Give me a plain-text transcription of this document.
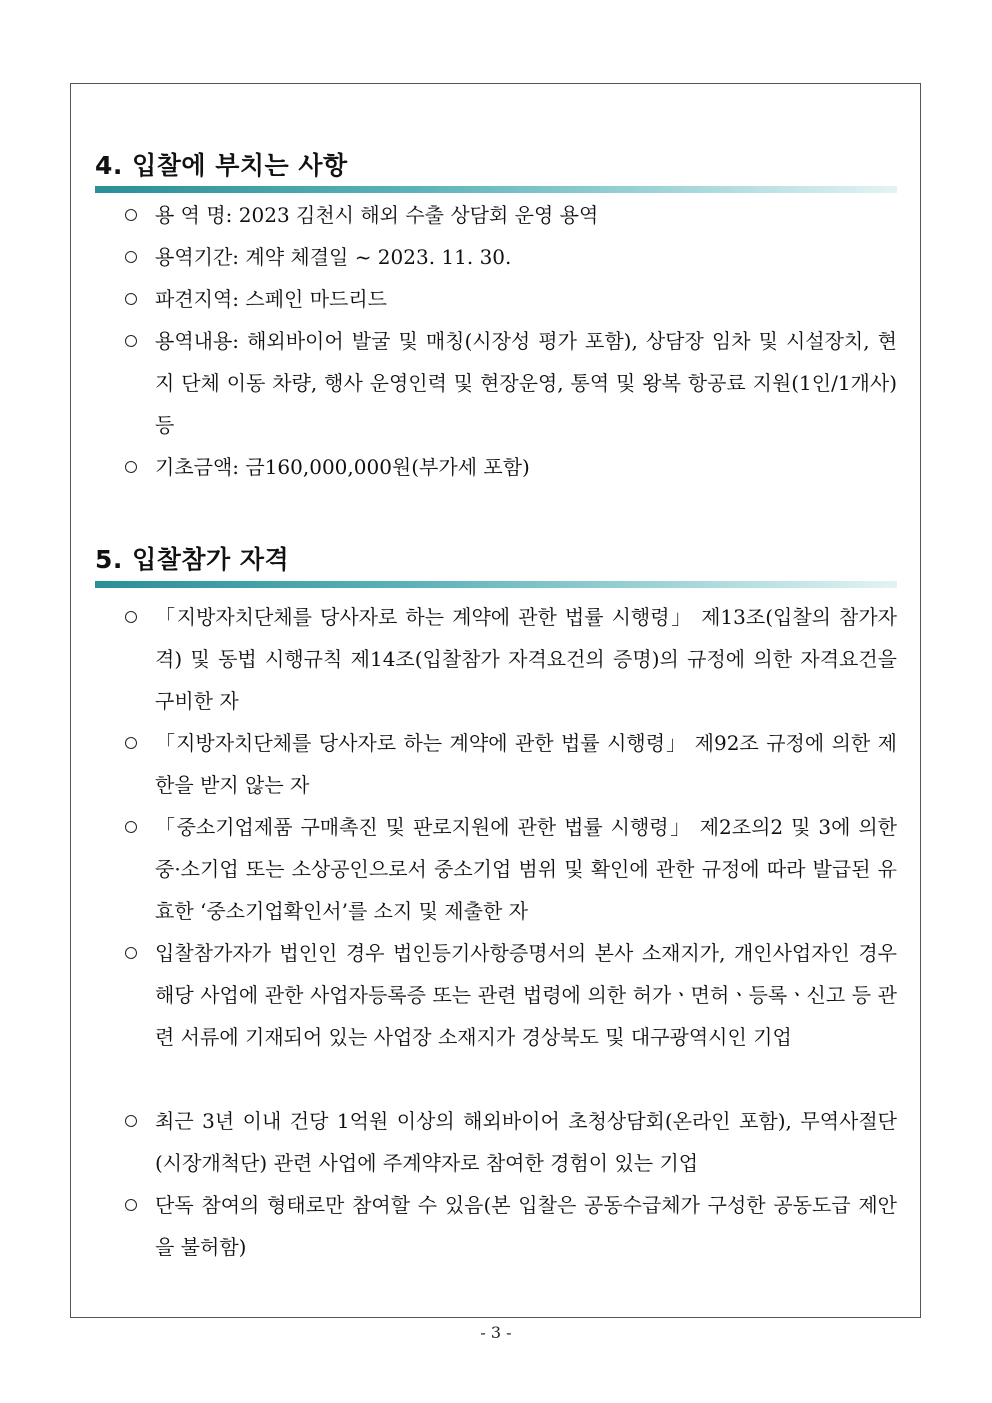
4. 입찰에 부치는 사항
용 역 명: 2023 김천시 해외 수출 상담회 운영 용역
용역기간: 계약 체결일 ~ 2023. 11. 30.
파견지역: 스페인 마드리드
용역내용: 해외바이어 발굴 및 매칭(시장성 평가 포함), 상담장 임차 및 시설장치, 현지 단체 이동 차량, 행사 운영인력 및 현장운영, 통역 및 왕복 항공료 지원(1인/1개사) 등
기초금액: 금160,000,000원(부가세 포함)
5. 입찰참가 자격
「지방자치단체를 당사자로 하는 계약에 관한 법률 시행령」 제13조(입찰의 참가자격) 및 동법 시행규칙 제14조(입찰참가 자격요건의 증명)의 규정에 의한 자격요건을 구비한 자
「지방자치단체를 당사자로 하는 계약에 관한 법률 시행령」 제92조 규정에 의한 제한을 받지 않는 자
「중소기업제품 구매촉진 및 판로지원에 관한 법률 시행령」 제2조의2 및 3에 의한 중·소기업 또는 소상공인으로서 중소기업 범위 및 확인에 관한 규정에 따라 발급된 유효한 ‘중소기업확인서’를 소지 및 제출한 자
입찰참가자가 법인인 경우 법인등기사항증명서의 본사 소재지가, 개인사업자인 경우 해당 사업에 관한 사업자등록증 또는 관련 법령에 의한 허가ㆍ면허ㆍ등록ㆍ신고 등 관련 서류에 기재되어 있는 사업장 소재지가 경상북도 및 대구광역시인 기업
최근 3년 이내 건당 1억원 이상의 해외바이어 초청상담회(온라인 포함), 무역사절단(시장개척단) 관련 사업에 주계약자로 참여한 경험이 있는 기업
단독 참여의 형태로만 참여할 수 있음(본 입찰은 공동수급체가 구성한 공동도급 제안을 불허함)
- 3 -
